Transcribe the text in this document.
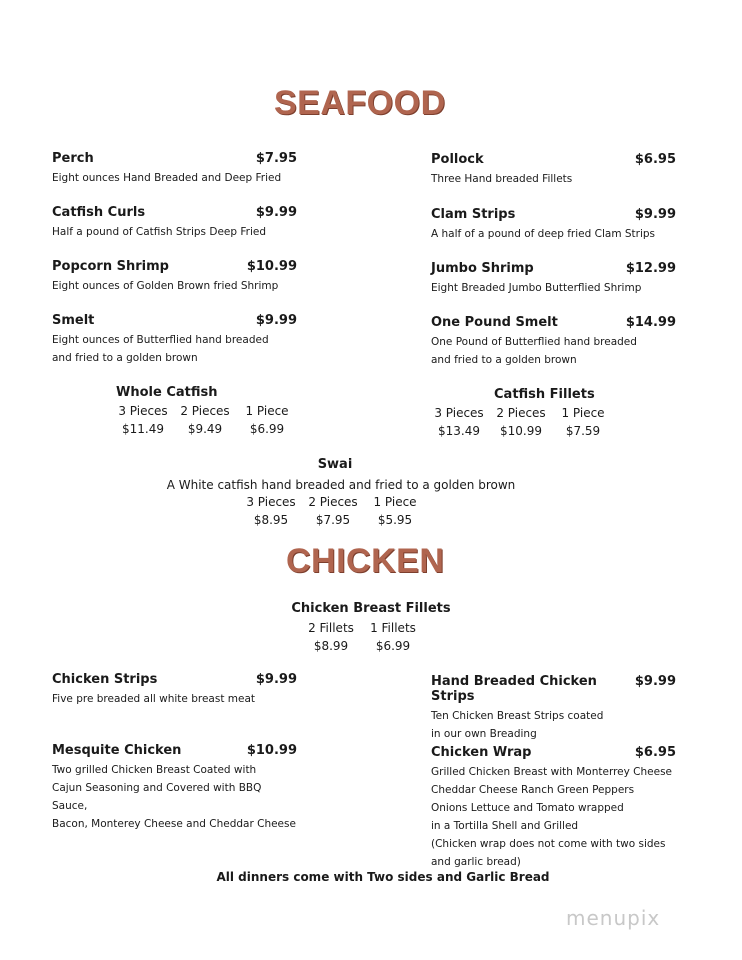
SEAFOOD
Perch	$7.95
Eight ounces Hand Breaded and Deep Fried
Catfish Curls	$9.99
Half a pound of Catfish Strips Deep Fried
Popcorn Shrimp	$10.99
Eight ounces of Golden Brown fried Shrimp
Smelt	$9.99
Eight ounces of Butterflied hand breaded
and fried to a golden brown
Pollock	$6.95
Three Hand breaded Fillets
Clam Strips	$9.99
A half of a pound of deep fried Clam Strips
Jumbo Shrimp	$12.99
Eight Breaded Jumbo Butterflied Shrimp
One Pound Smelt	$14.99
One Pound of Butterflied hand breaded
and fried to a golden brown
Whole Catfish
3 Pieces	2 Pieces	1 Piece
$11.49	$9.49	$6.99
Catfish Fillets
3 Pieces	2 Pieces	1 Piece
$13.49	$10.99	$7.59
Swai
A White catfish hand breaded and fried to a golden brown
3 Pieces	2 Pieces	1 Piece
$8.95	$7.95	$5.95
CHICKEN
Chicken Breast Fillets
2 Fillets	1 Fillets
$8.99	$6.99
Chicken Strips	$9.99
Five pre breaded all white breast meat
Mesquite Chicken	$10.99
Two grilled Chicken Breast Coated with
Cajun Seasoning and Covered with BBQ Sauce,
Bacon, Monterey Cheese and Cheddar Cheese
Hand Breaded Chicken Strips
$9.99
Ten Chicken Breast Strips coated
in our own Breading
Chicken Wrap	$6.95
Grilled Chicken Breast with Monterrey Cheese
Cheddar Cheese Ranch Green Peppers
Onions Lettuce and Tomato wrapped
in a Tortilla Shell and Grilled
(Chicken wrap does not come with two sides
and garlic bread)
All dinners come with Two sides and Garlic Bread
menupix
